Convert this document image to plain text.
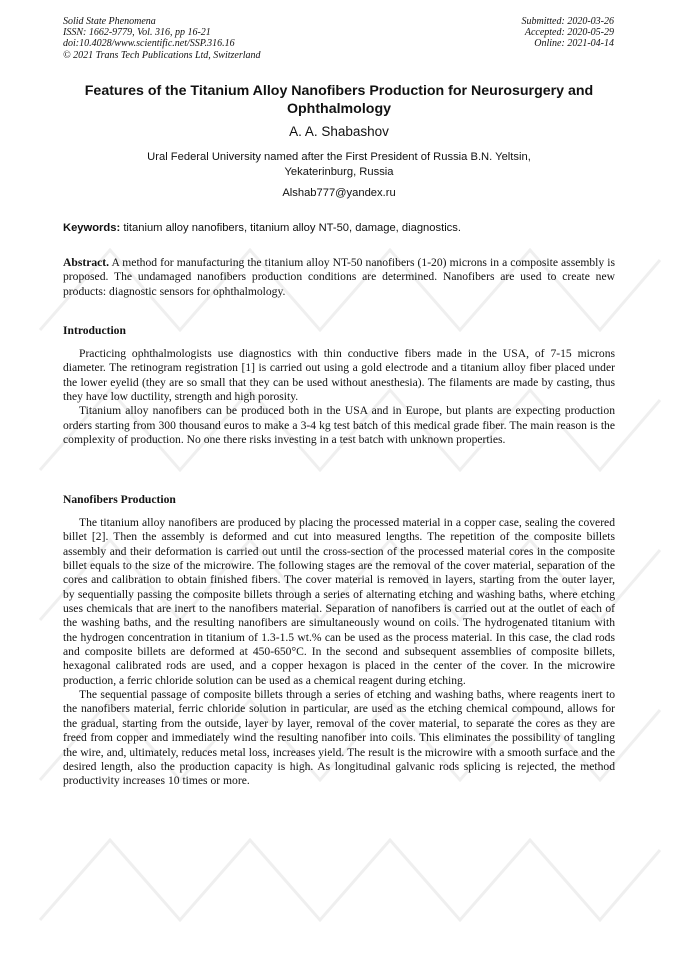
Solid State Phenomena
ISSN: 1662-9779, Vol. 316, pp 16-21
doi:10.4028/www.scientific.net/SSP.316.16
© 2021 Trans Tech Publications Ltd, Switzerland
Submitted: 2020-03-26
Accepted: 2020-05-29
Online: 2021-04-14
Features of the Titanium Alloy Nanofibers Production for Neurosurgery and Ophthalmology
A. A. Shabashov
Ural Federal University named after the First President of Russia B.N. Yeltsin, Yekaterinburg, Russia
Alshab777@yandex.ru
Keywords: titanium alloy nanofibers, titanium alloy NT-50, damage, diagnostics.

Abstract. A method for manufacturing the titanium alloy NT-50 nanofibers (1-20) microns in a composite assembly is proposed. The undamaged nanofibers production conditions are determined. Nanofibers are used to create new products: diagnostic sensors for ophthalmology.

Introduction

Practicing ophthalmologists use diagnostics with thin conductive fibers made in the USA, of 7-15 microns diameter. The retinogram registration [1] is carried out using a gold electrode and a titanium alloy fiber placed under the lower eyelid (they are so small that they can be used without anesthesia). The filaments are made by casting, thus they have low ductility, strength and high porosity.

Titanium alloy nanofibers can be produced both in the USA and in Europe, but plants are expecting production orders starting from 300 thousand euros to make a 3-4 kg test batch of this medical grade fiber. The main reason is the complexity of production. No one there risks investing in a test batch with unknown properties.

Nanofibers Production

The titanium alloy nanofibers are produced by placing the processed material in a copper case, sealing the covered billet [2]. Then the assembly is deformed and cut into measured lengths. The repetition of the composite billets assembly and their deformation is carried out until the cross-section of the processed material cores in the composite billet equals to the size of the microwire. The following stages are the removal of the cover material, separation of the cores and calibration to obtain finished fibers. The cover material is removed in layers, starting from the outer layer, by sequentially passing the composite billets through a series of alternating etching and washing baths, where etching uses chemicals that are inert to the nanofibers material. Separation of nanofibers is carried out at the outlet of each of the washing baths, and the resulting nanofibers are simultaneously wound on coils. The hydrogenated titanium with the hydrogen concentration in titanium of 1.3-1.5 wt.% can be used as the process material. In this case, the clad rods and composite billets are deformed at 450-650°C. In the second and subsequent assemblies of composite billets, hexagonal calibrated rods are used, and a copper hexagon is placed in the center of the cover. In the microwire production, a ferric chloride solution can be used as a chemical reagent during etching.

The sequential passage of composite billets through a series of etching and washing baths, where reagents inert to the nanofibers material, ferric chloride solution in particular, are used as the etching chemical compound, allows for the gradual, starting from the outside, layer by layer, removal of the cover material, to separate the cores as they are freed from copper and immediately wind the resulting nanofiber into coils. This eliminates the possibility of tangling the wire, and, ultimately, reduces metal loss, increases yield. The result is the microwire with a smooth surface and the desired length, also the production capacity is high. As longitudinal galvanic rods splicing is rejected, the method productivity increases 10 times or more.
